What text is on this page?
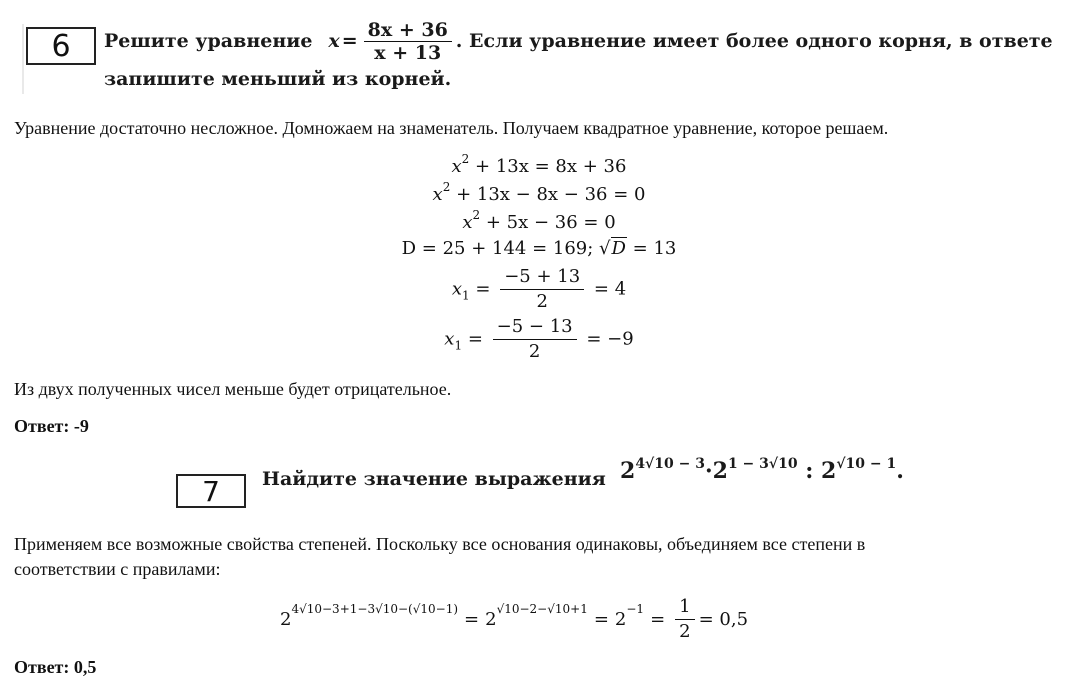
6 Решите уравнение $x = \frac{8x + 36}{x + 13}$ . Если уравнение имеет более одного корня, в ответе
запишите меньший из корней.
Уравнение достаточно несложное. Домножаем на знаменатель. Получаем квадратное уравнение, которое решаем.
$x^2 + 13x = 8x + 36$
$x^2 + 13x - 8x - 36 = 0$
$x^2 + 5x - 36 = 0$
D = 25 + 144 = 169; √D = 13
$x_1 = \frac{-5 + 13}{2} = 4$
$x_1 = \frac{-5 - 13}{2} = -9$
Из двух полученных чисел меньше будет отрицательное.
Ответ: -9
7 Найдите значение выражения $2^{4√10 - 3}\cdot 2^{1 - 3√10}$ : $2^{√10 - 1}$.
Применяем все возможные свойства степеней. Поскольку все основания одинаковы, объединяем все степени в
соответствии с правилами:
2 4√10−3+1−3√10−(√10−1) = 2 $√10-2-√10+1 = 2 -1 = \frac{1}{2} = 0,5$
Ответ: 0,5
